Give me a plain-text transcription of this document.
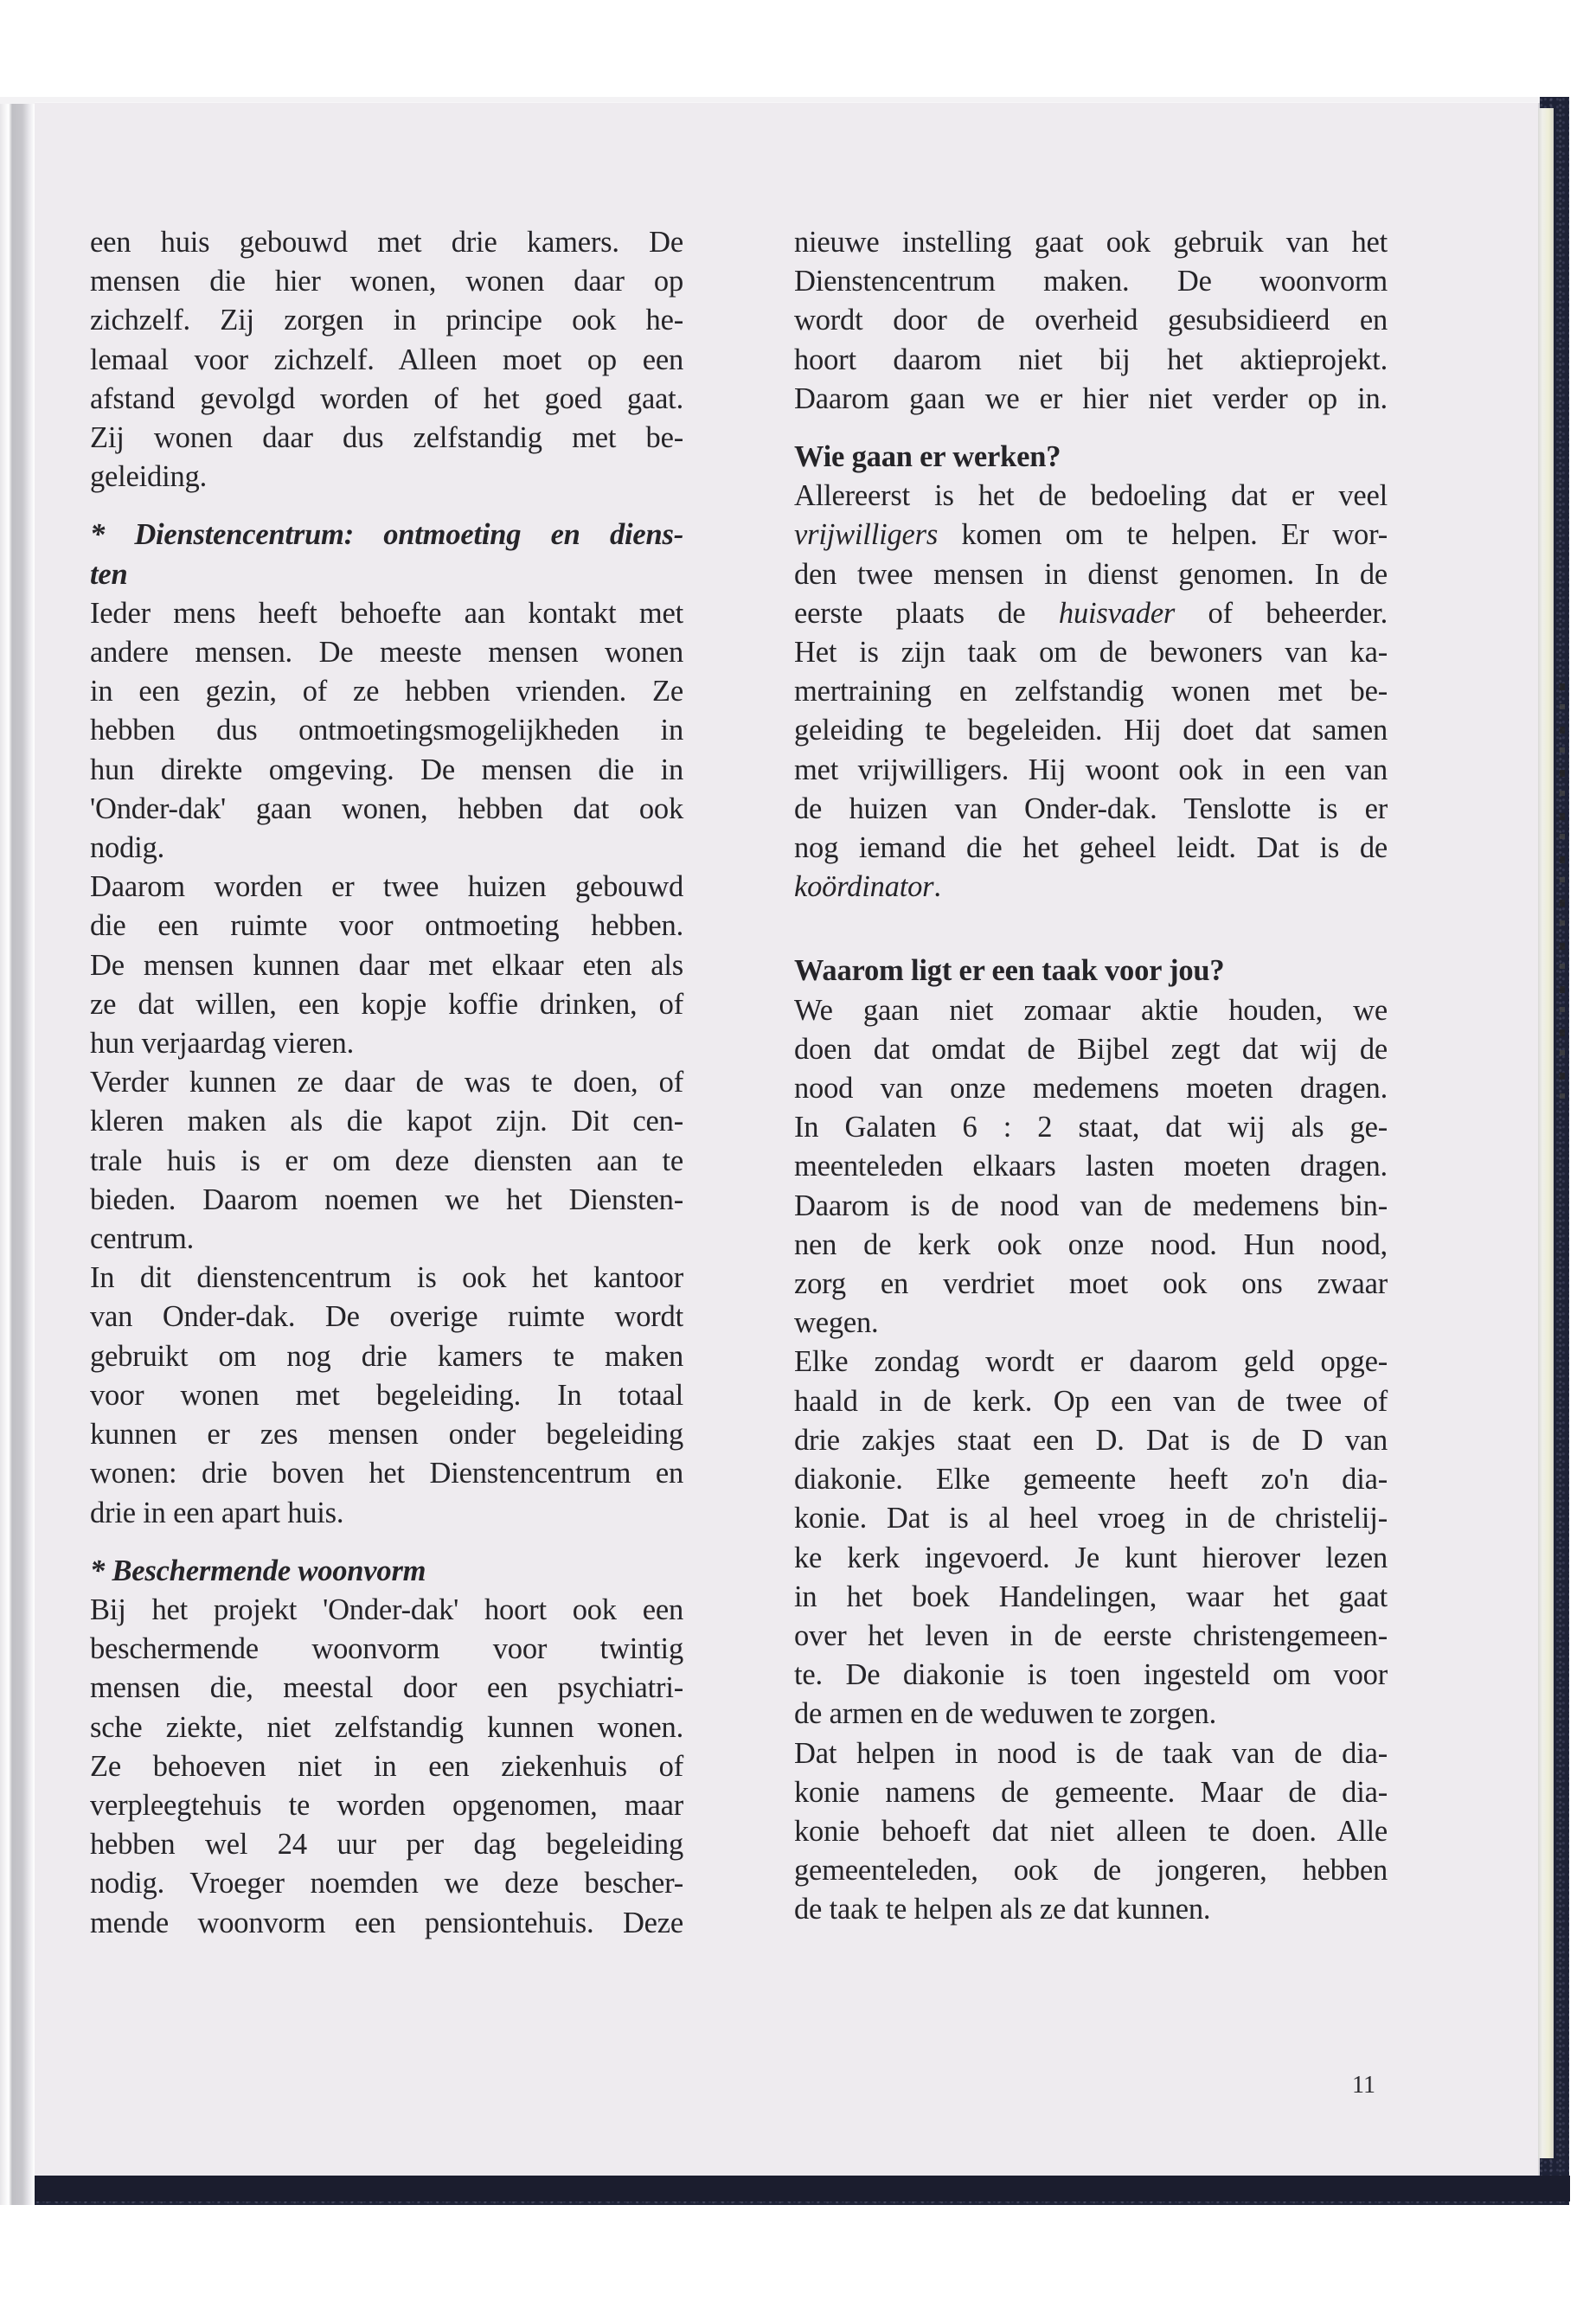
een huis gebouwd met drie kamers. De
mensen die hier wonen, wonen daar op
zichzelf. Zij zorgen in principe ook he-
lemaal voor zichzelf. Alleen moet op een
afstand gevolgd worden of het goed gaat.
Zij wonen daar dus zelfstandig met be-
geleiding.
* Dienstencentrum: ontmoeting en diens-
ten
Ieder mens heeft behoefte aan kontakt met
andere mensen. De meeste mensen wonen
in een gezin, of ze hebben vrienden. Ze
hebben dus ontmoetingsmogelijkheden in
hun direkte omgeving. De mensen die in
'Onder-dak' gaan wonen, hebben dat ook
nodig.
Daarom worden er twee huizen gebouwd
die een ruimte voor ontmoeting hebben.
De mensen kunnen daar met elkaar eten als
ze dat willen, een kopje koffie drinken, of
hun verjaardag vieren.
Verder kunnen ze daar de was te doen, of
kleren maken als die kapot zijn. Dit cen-
trale huis is er om deze diensten aan te
bieden. Daarom noemen we het Diensten-
centrum.
In dit dienstencentrum is ook het kantoor
van Onder-dak. De overige ruimte wordt
gebruikt om nog drie kamers te maken
voor wonen met begeleiding. In totaal
kunnen er zes mensen onder begeleiding
wonen: drie boven het Dienstencentrum en
drie in een apart huis.
* Beschermende woonvorm
Bij het projekt 'Onder-dak' hoort ook een
beschermende woonvorm voor twintig
mensen die, meestal door een psychiatri-
sche ziekte, niet zelfstandig kunnen wonen.
Ze behoeven niet in een ziekenhuis of
verpleegtehuis te worden opgenomen, maar
hebben wel 24 uur per dag begeleiding
nodig. Vroeger noemden we deze bescher-
mende woonvorm een pensiontehuis. Deze
nieuwe instelling gaat ook gebruik van het
Dienstencentrum maken. De woonvorm
wordt door de overheid gesubsidieerd en
hoort daarom niet bij het aktieprojekt.
Daarom gaan we er hier niet verder op in.
Wie gaan er werken?
Allereerst is het de bedoeling dat er veel
vrijwilligers komen om te helpen. Er wor-
den twee mensen in dienst genomen. In de
eerste plaats de huisvader of beheerder.
Het is zijn taak om de bewoners van ka-
mertraining en zelfstandig wonen met be-
geleiding te begeleiden. Hij doet dat samen
met vrijwilligers. Hij woont ook in een van
de huizen van Onder-dak. Tenslotte is er
nog iemand die het geheel leidt. Dat is de
koördinator.
Waarom ligt er een taak voor jou?
We gaan niet zomaar aktie houden, we
doen dat omdat de Bijbel zegt dat wij de
nood van onze medemens moeten dragen.
In Galaten 6 : 2 staat, dat wij als ge-
meenteleden elkaars lasten moeten dragen.
Daarom is de nood van de medemens bin-
nen de kerk ook onze nood. Hun nood,
zorg en verdriet moet ook ons zwaar
wegen.
Elke zondag wordt er daarom geld opge-
haald in de kerk. Op een van de twee of
drie zakjes staat een D. Dat is de D van
diakonie. Elke gemeente heeft zo'n dia-
konie. Dat is al heel vroeg in de christelij-
ke kerk ingevoerd. Je kunt hierover lezen
in het boek Handelingen, waar het gaat
over het leven in de eerste christengemeen-
te. De diakonie is toen ingesteld om voor
de armen en de weduwen te zorgen.
Dat helpen in nood is de taak van de dia-
konie namens de gemeente. Maar de dia-
konie behoeft dat niet alleen te doen. Alle
gemeenteleden, ook de jongeren, hebben
de taak te helpen als ze dat kunnen.
11
